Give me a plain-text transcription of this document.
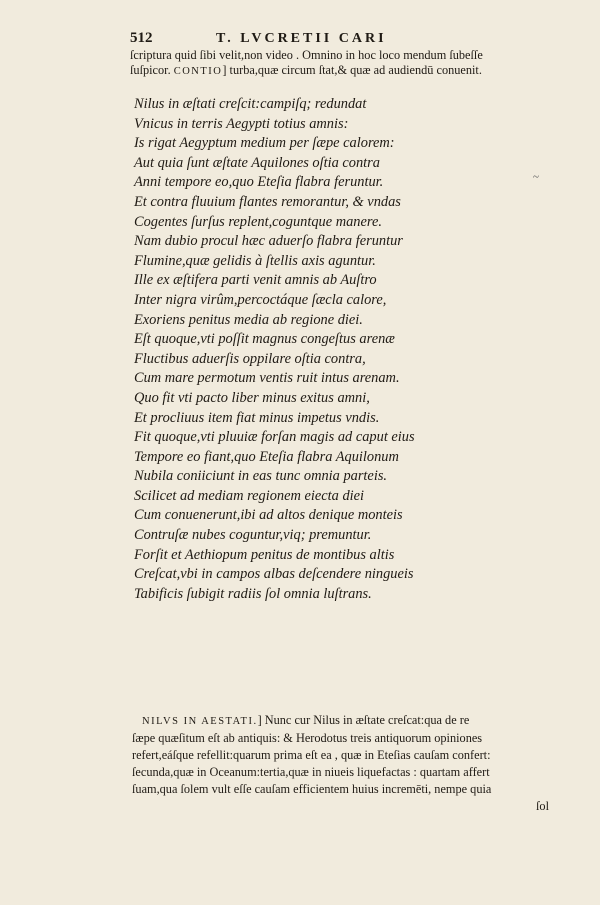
512	T. LVCRETII CARI

ſcriptura quid ſibi velit,non video . Omnino in hoc loco mendum ſubeſſe

ſuſpicor. CONTIO] turba,quæ circum ſtat,& quæ ad audiendū conuenit.

Nilus in æſtati creſcit:campiſq; redundat
Vnicus in terris Aegypti totius amnis:
Is rigat Aegyptum medium per ſæpe calorem:
Aut quia ſunt æſtate Aquilones oſtia contra
Anni tempore eo,quo Eteſia flabra feruntur.
Et contra fluuium flantes remorantur, & vndas
Cogentes ſurſus replent,coguntque manere.
Nam dubio procul hæc aduerſo flabra feruntur
Flumine,quæ gelidis à ſtellis axis aguntur.
Ille ex æſtifera parti venit amnis ab Auſtro
Inter nigra virûm,percoctáque ſæcla calore,
Exoriens penitus media ab regione diei.
Eſt quoque,vti poſſit magnus congeſtus arenæ
Fluctibus aduerſis oppilare oſtia contra,
Cum mare permotum ventis ruit intus arenam.
Quo fit vti pacto liber minus exitus amni,
Et procliuus item fiat minus impetus vndis.
Fit quoque,vti pluuiæ forſan magis ad caput eius
Tempore eo fiant,quo Eteſia flabra Aquilonum
Nubila coniiciunt in eas tunc omnia parteis.
Scilicet ad mediam regionem eiecta diei
Cum conuenerunt,ibi ad altos denique monteis
Contruſæ nubes coguntur,viq; premuntur.
Forſit et Aethiopum penitus de montibus altis
Creſcat,vbi in campos albas deſcendere ningueis
Tabificis ſubigit radiis ſol omnia luſtrans.
~

NILVS IN AESTATI.] Nunc cur Nilus in æſtate creſcat:qua de re

ſæpe quæſitum eſt ab antiquis: & Herodotus treis antiquorum opiniones

refert,eáſque refellit:quarum prima eſt ea , quæ in Eteſias cauſam confert:

ſecunda,quæ in Oceanum:tertia,quæ in niueis liquefactas : quartam affert

ſuam,qua ſolem vult eſſe cauſam efficientem huius incremēti, nempe quia

ſol
